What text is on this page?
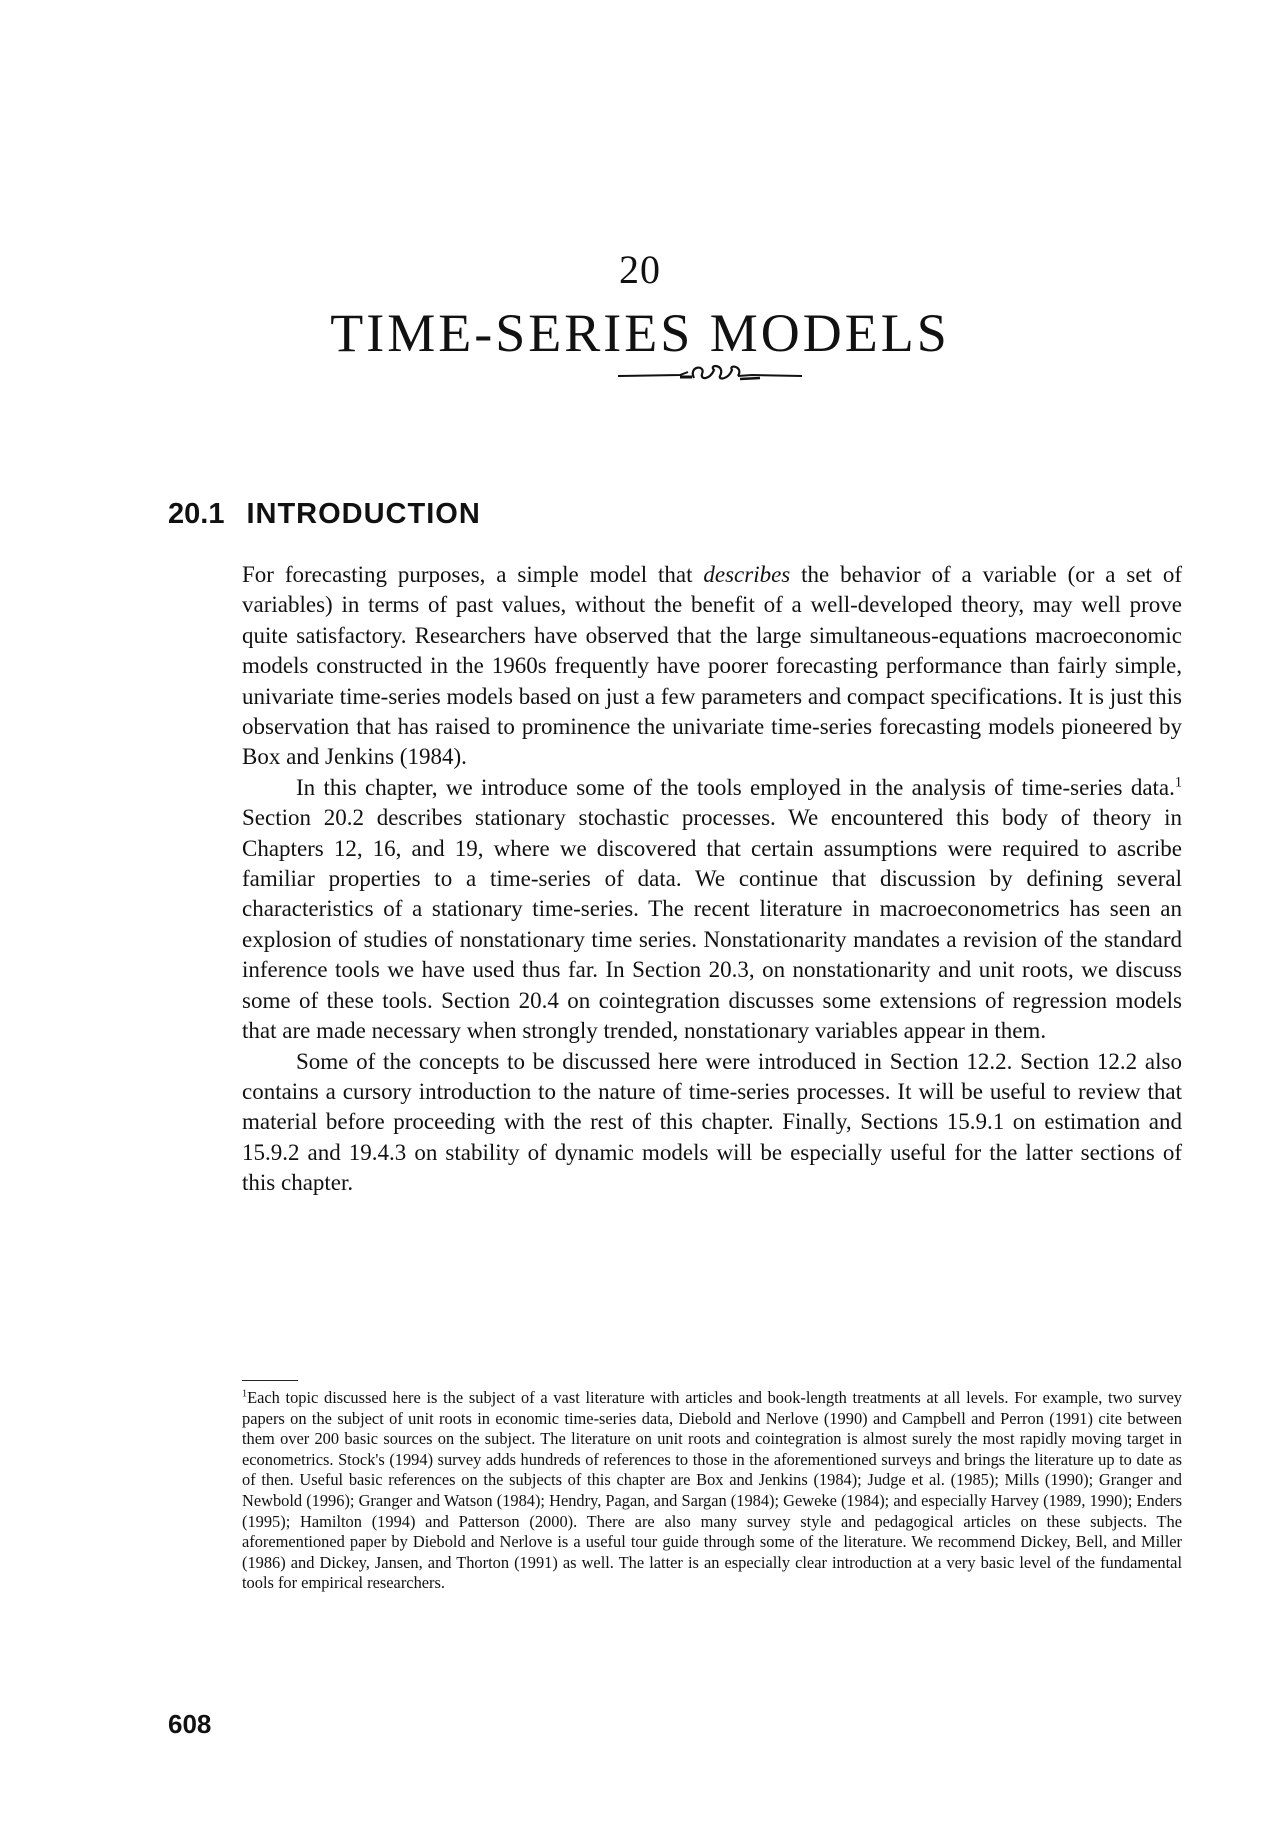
20
TIME-SERIES MODELS
20.1 INTRODUCTION

For forecasting purposes, a simple model that describes the behavior of a variable (or a set of variables) in terms of past values, without the benefit of a well-developed theory, may well prove quite satisfactory. Researchers have observed that the large simultaneous-equations macroeconomic models constructed in the 1960s frequently have poorer forecasting performance than fairly simple, univariate time-series models based on just a few parameters and compact specifications. It is just this observation that has raised to prominence the univariate time-series forecasting models pioneered by Box and Jenkins (1984).

In this chapter, we introduce some of the tools employed in the analysis of time-series data.$^1$ Section 20.2 describes stationary stochastic processes. We encountered this body of theory in Chapters 12, 16, and 19, where we discovered that certain assumptions were required to ascribe familiar properties to a time-series of data. We continue that discussion by defining several characteristics of a stationary time-series. The recent literature in macroeconometrics has seen an explosion of studies of nonstationary time series. Nonstationarity mandates a revision of the standard inference tools we have used thus far. In Section 20.3, on nonstationarity and unit roots, we discuss some of these tools. Section 20.4 on cointegration discusses some extensions of regression models that are made necessary when strongly trended, nonstationary variables appear in them.

Some of the concepts to be discussed here were introduced in Section 12.2. Section 12.2 also contains a cursory introduction to the nature of time-series processes. It will be useful to review that material before proceeding with the rest of this chapter. Finally, Sections 15.9.1 on estimation and 15.9.2 and 19.4.3 on stability of dynamic models will be especially useful for the latter sections of this chapter.

$^1$Each topic discussed here is the subject of a vast literature with articles and book-length treatments at all levels. For example, two survey papers on the subject of unit roots in economic time-series data, Diebold and Nerlove (1990) and Campbell and Perron (1991) cite between them over 200 basic sources on the subject. The literature on unit roots and cointegration is almost surely the most rapidly moving target in econometrics. Stock's (1994) survey adds hundreds of references to those in the aforementioned surveys and brings the literature up to date as of then. Useful basic references on the subjects of this chapter are Box and Jenkins (1984); Judge et al. (1985); Mills (1990); Granger and Newbold (1996); Granger and Watson (1984); Hendry, Pagan, and Sargan (1984); Geweke (1984); and especially Harvey (1989, 1990); Enders (1995); Hamilton (1994) and Patterson (2000). There are also many survey style and pedagogical articles on these subjects. The aforementioned paper by Diebold and Nerlove is a useful tour guide through some of the literature. We recommend Dickey, Bell, and Miller (1986) and Dickey, Jansen, and Thorton (1991) as well. The latter is an especially clear introduction at a very basic level of the fundamental tools for empirical researchers.
608
